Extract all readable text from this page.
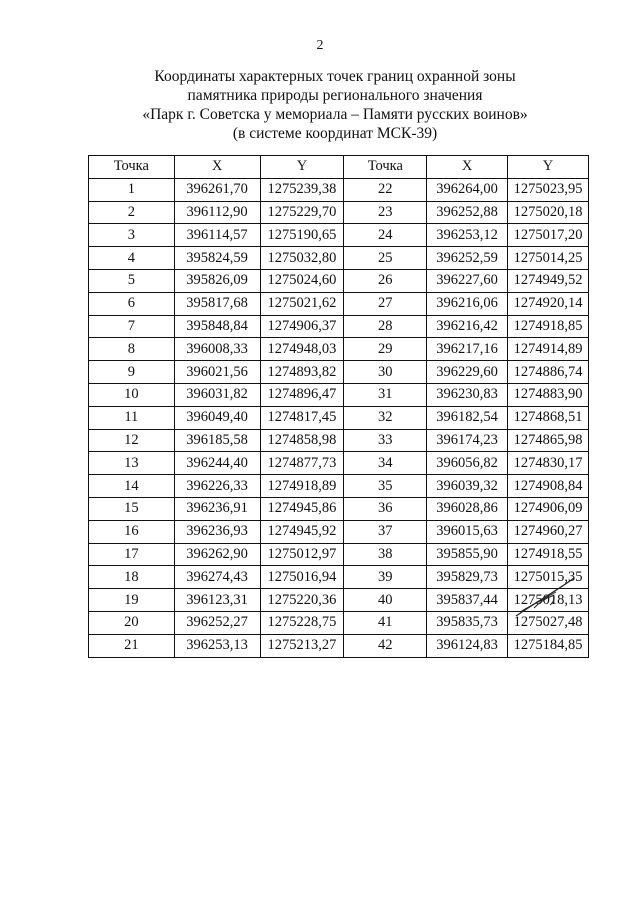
2
Координаты характерных точек границ охранной зоны
памятника природы регионального значения
«Парк г. Советска у мемориала – Памяти русских воинов»
(в системе координат МСК-39)
Точка	X	Y	Точка	X	Y
1	396261,70	1275239,38	22	396264,00	1275023,95
2	396112,90	1275229,70	23	396252,88	1275020,18
3	396114,57	1275190,65	24	396253,12	1275017,20
4	395824,59	1275032,80	25	396252,59	1275014,25
5	395826,09	1275024,60	26	396227,60	1274949,52
6	395817,68	1275021,62	27	396216,06	1274920,14
7	395848,84	1274906,37	28	396216,42	1274918,85
8	396008,33	1274948,03	29	396217,16	1274914,89
9	396021,56	1274893,82	30	396229,60	1274886,74
10	396031,82	1274896,47	31	396230,83	1274883,90
11	396049,40	1274817,45	32	396182,54	1274868,51
12	396185,58	1274858,98	33	396174,23	1274865,98
13	396244,40	1274877,73	34	396056,82	1274830,17
14	396226,33	1274918,89	35	396039,32	1274908,84
15	396236,91	1274945,86	36	396028,86	1274906,09
16	396236,93	1274945,92	37	396015,63	1274960,27
17	396262,90	1275012,97	38	395855,90	1274918,55
18	396274,43	1275016,94	39	395829,73	1275015,35
19	396123,31	1275220,36	40	395837,44	1275018,13
20	396252,27	1275228,75	41	395835,73	1275027,48
21	396253,13	1275213,27	42	396124,83	1275184,85
